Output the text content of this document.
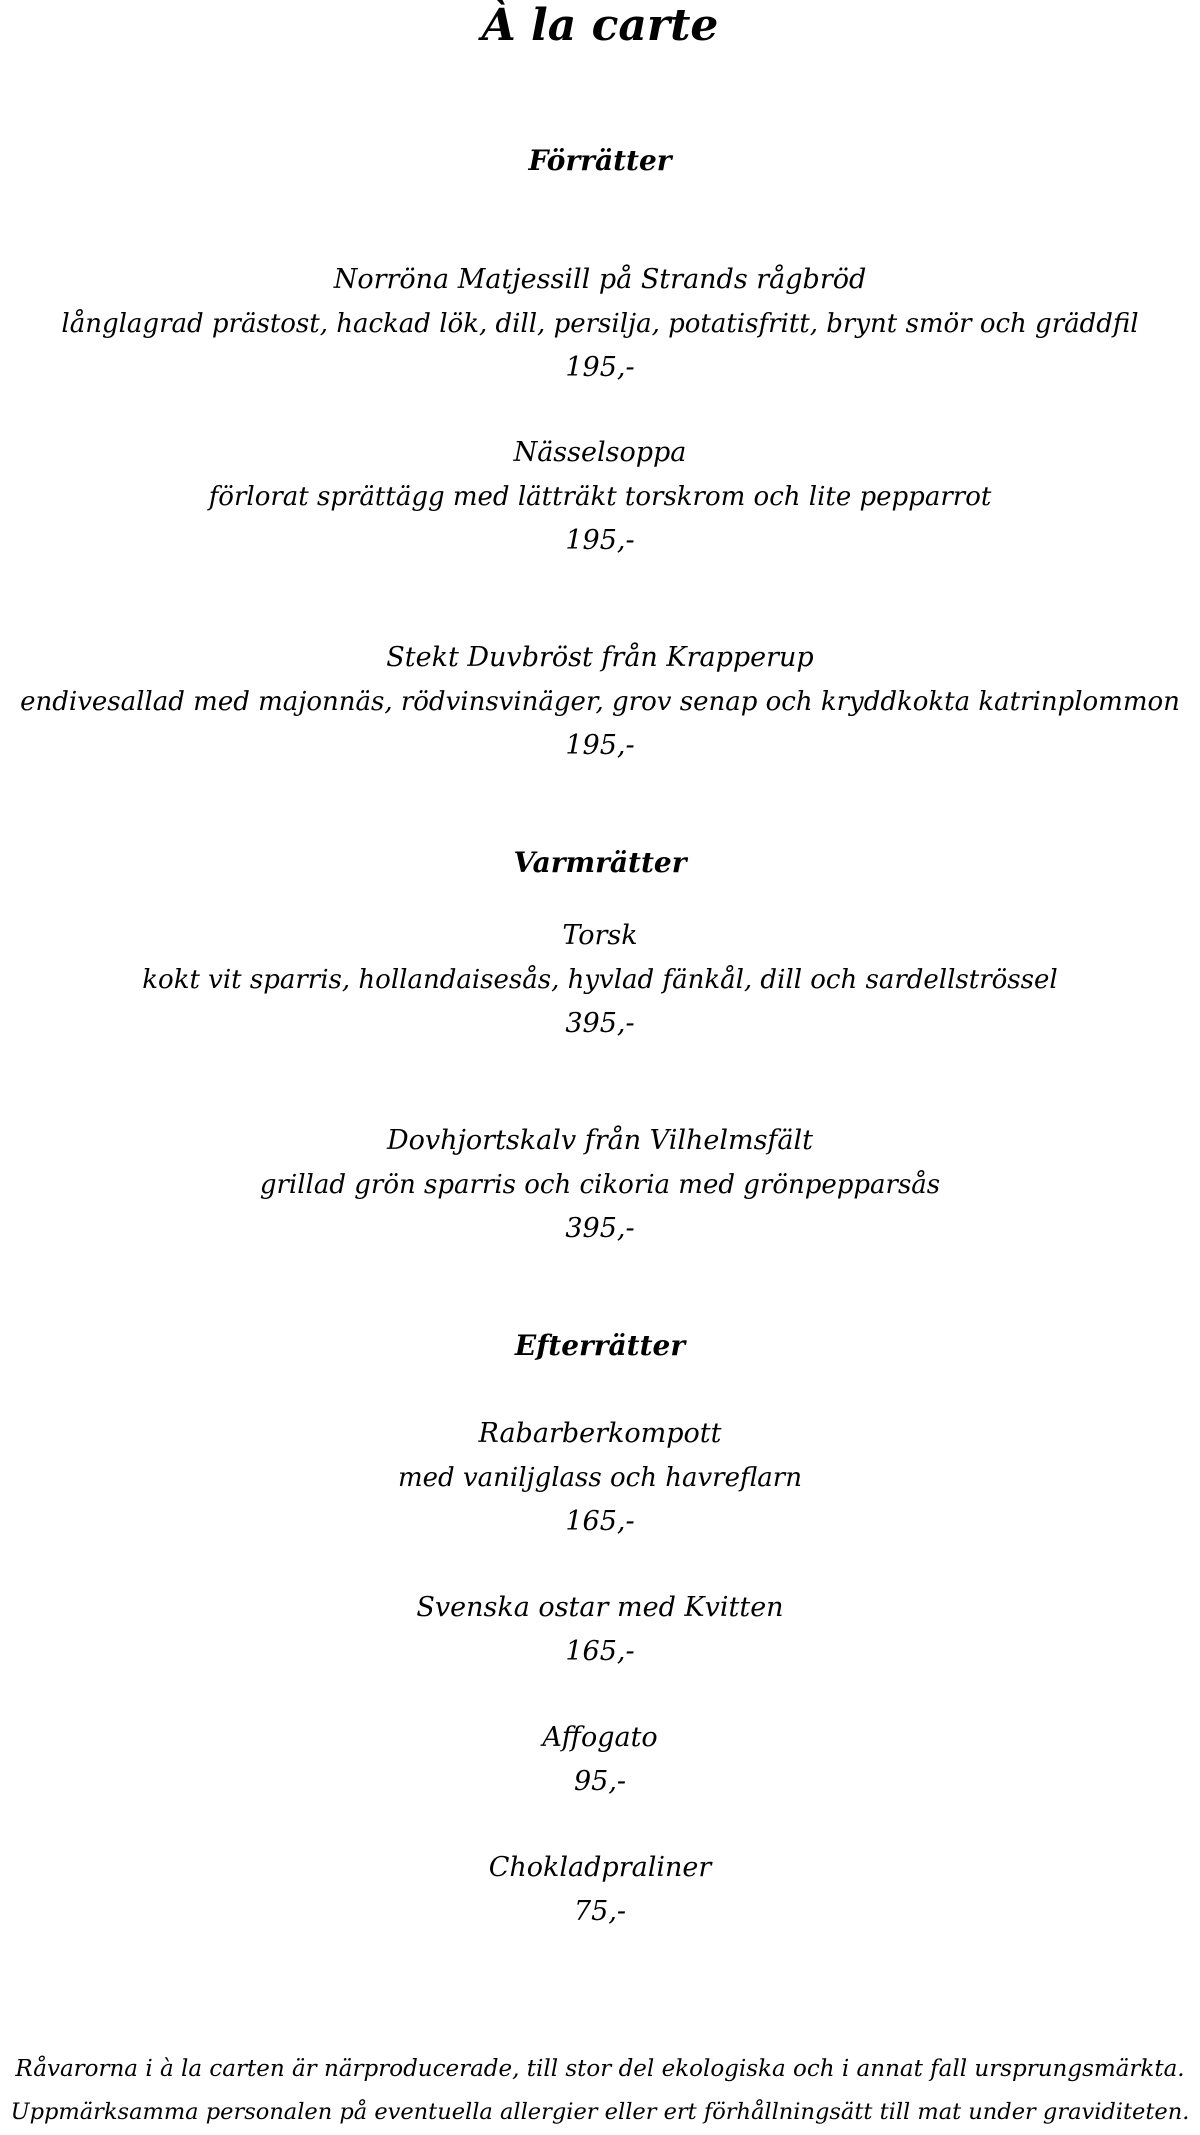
À la carte
Förrätter
Norröna Matjessill på Strands rågbröd
långlagrad prästost, hackad lök, dill, persilja, potatisfritt, brynt smör och gräddfil
195,-
Nässelsoppa
förlorat sprättägg med lätträkt torskrom och lite pepparrot
195,-
Stekt Duvbröst från Krapperup
endivesallad med majonnäs, rödvinsvinäger, grov senap och kryddkokta katrinplommon
195,-
Varmrätter
Torsk
kokt vit sparris, hollandaisesås, hyvlad fänkål, dill och sardellströssel
395,-
Dovhjortskalv från Vilhelmsfält
grillad grön sparris och cikoria med grönpepparsås
395,-
Efterrätter
Rabarberkompott
med vaniljglass och havreflarn
165,-
Svenska ostar med Kvitten
165,-
Affogato
95,-
Chokladpraliner
75,-
Råvarorna i à la carten är närproducerade, till stor del ekologiska och i annat fall ursprungsmärkta.
Uppmärksamma personalen på eventuella allergier eller ert förhållningsätt till mat under graviditeten.
